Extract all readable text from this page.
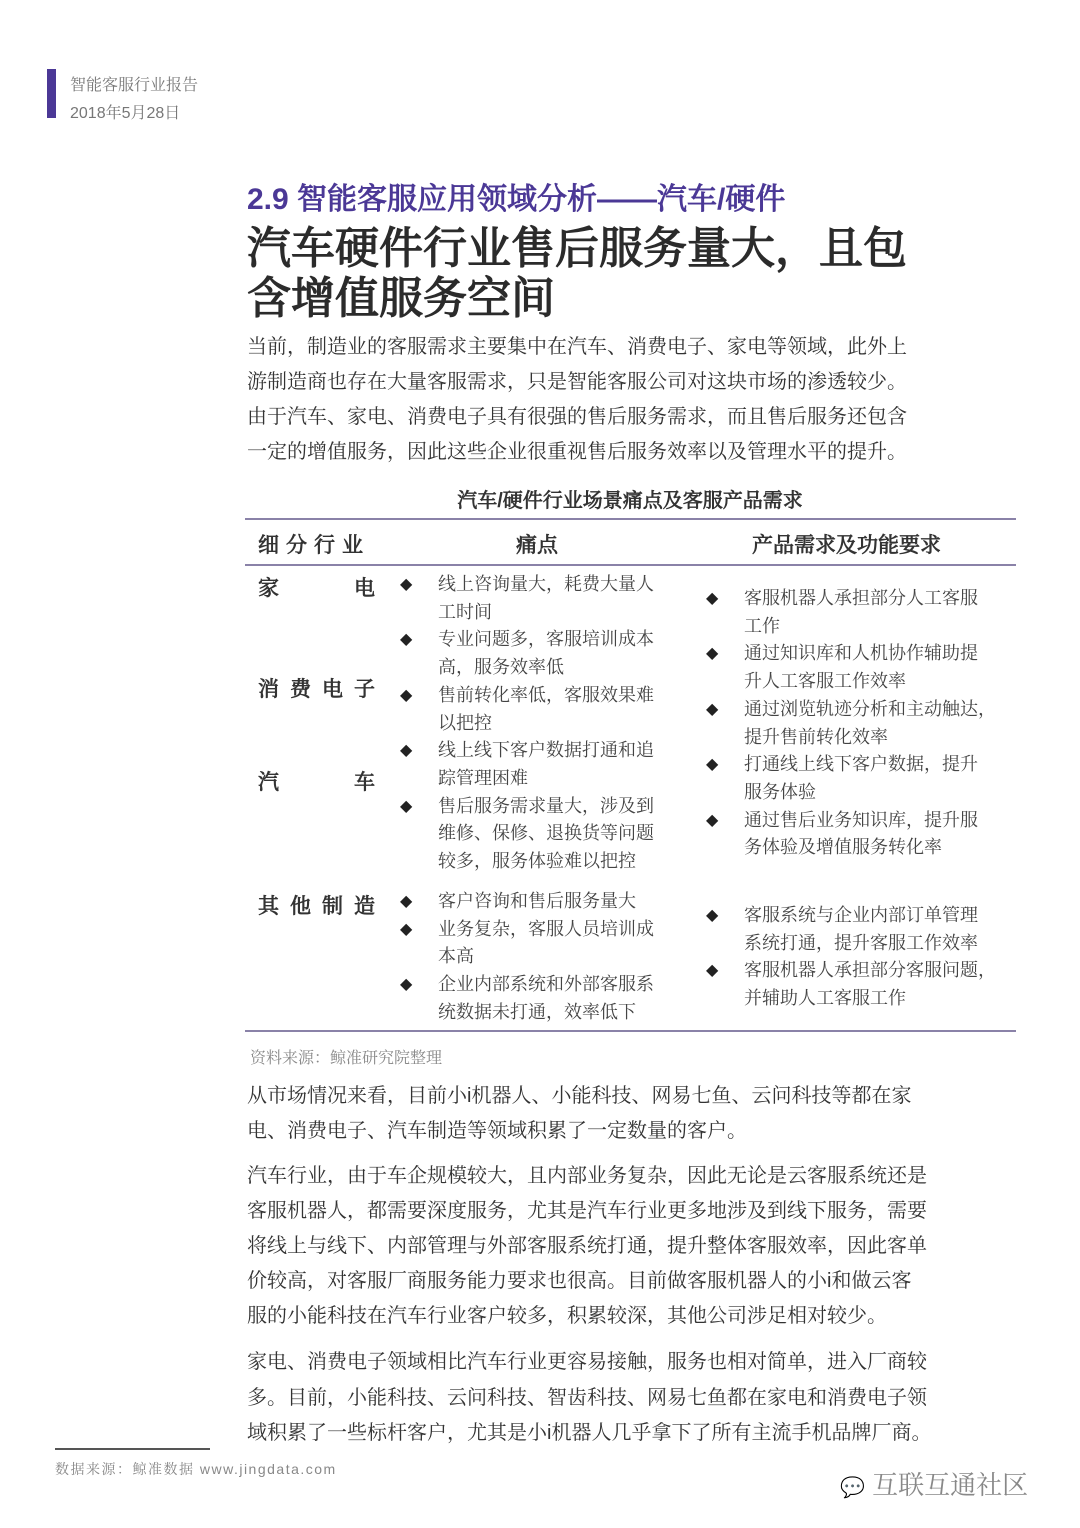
智能客服行业报告
2018年5月28日
2.9 智能客服应用领域分析——汽车/硬件
汽车硬件行业售后服务量大，且包
含增值服务空间
当前，制造业的客服需求主要集中在汽车、消费电子、家电等领域，此外上
游制造商也存在大量客服需求，只是智能客服公司对这块市场的渗透较少。
由于汽车、家电、消费电子具有很强的售后服务需求，而且售后服务还包含
一定的增值服务，因此这些企业很重视售后服务效率以及管理水平的提升。
汽车/硬件行业场景痛点及客服产品需求
细分行业	痛点	产品需求及功能要求
家电
消费电子
汽车
其他制造
◆ 线上咨询量大，耗费大量人
工时间
◆ 专业问题多，客服培训成本
高，服务效率低
◆ 售前转化率低，客服效果难
以把控
◆ 线上线下客户数据打通和追
踪管理困难
◆ 售后服务需求量大，涉及到
维修、保修、退换货等问题
较多，服务体验难以把控
◆ 客服机器人承担部分人工客服
工作
◆ 通过知识库和人机协作辅助提
升人工客服工作效率
◆ 通过浏览轨迹分析和主动触达，
提升售前转化效率
◆ 打通线上线下客户数据，提升
服务体验
◆ 通过售后业务知识库，提升服
务体验及增值服务转化率
◆ 客户咨询和售后服务量大
◆ 业务复杂，客服人员培训成
本高
◆ 企业内部系统和外部客服系
统数据未打通，效率低下
◆ 客服系统与企业内部订单管理
系统打通，提升客服工作效率
◆ 客服机器人承担部分客服问题，
并辅助人工客服工作
资料来源：鲸准研究院整理
从市场情况来看，目前小i机器人、小能科技、网易七鱼、云问科技等都在家
电、消费电子、汽车制造等领域积累了一定数量的客户。
汽车行业，由于车企规模较大，且内部业务复杂，因此无论是云客服系统还是
客服机器人，都需要深度服务，尤其是汽车行业更多地涉及到线下服务，需要
将线上与线下、内部管理与外部客服系统打通，提升整体客服效率，因此客单
价较高，对客服厂商服务能力要求也很高。目前做客服机器人的小i和做云客
服的小能科技在汽车行业客户较多，积累较深，其他公司涉足相对较少。
家电、消费电子领域相比汽车行业更容易接触，服务也相对简单，进入厂商较
多。目前，小能科技、云问科技、智齿科技、网易七鱼都在家电和消费电子领
域积累了一些标杆客户，尤其是小i机器人几乎拿下了所有主流手机品牌厂商。
数据来源：鲸准数据 www.jingdata.com
💬 互联互通社区
